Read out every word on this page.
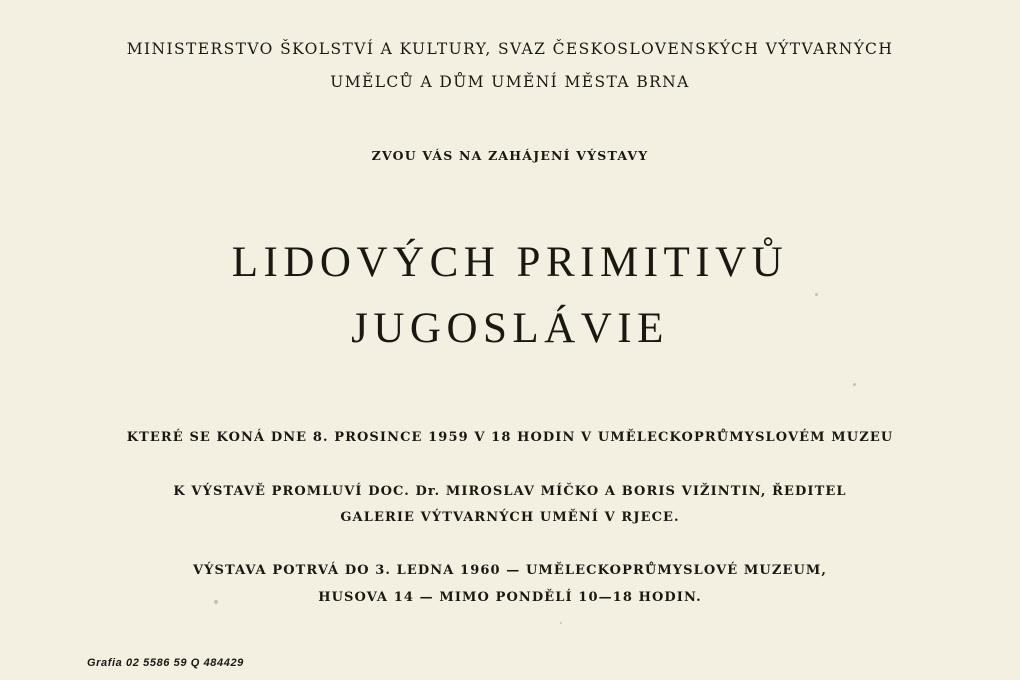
MINISTERSTVO ŠKOLSTVÍ A KULTURY, SVAZ ČESKOSLOVENSKÝCH VÝTVARNÝCH
UMĚLCŮ A DŮM UMĚNÍ MĚSTA BRNA
ZVOU VÁS NA ZAHÁJENÍ VÝSTAVY
LIDOVÝCH PRIMITIVŮ
JUGOSLÁVIE
KTERÉ SE KONÁ DNE 8. PROSINCE 1959 V 18 HODIN V UMĚLECKOPRŮMYSLOVÉM MUZEU
K VÝSTAVĚ PROMLUVÍ DOC. Dr. MIROSLAV MÍČKO A BORIS VIŽINTIN, ŘEDITEL
GALERIE VÝTVARNÝCH UMĚNÍ V RJECE.
VÝSTAVA POTRVÁ DO 3. LEDNA 1960 — UMĚLECKOPRŮMYSLOVÉ MUZEUM,
HUSOVA 14 — MIMO PONDĚLÍ 10—18 HODIN.
Grafia 02 5586 59 Q 484429
